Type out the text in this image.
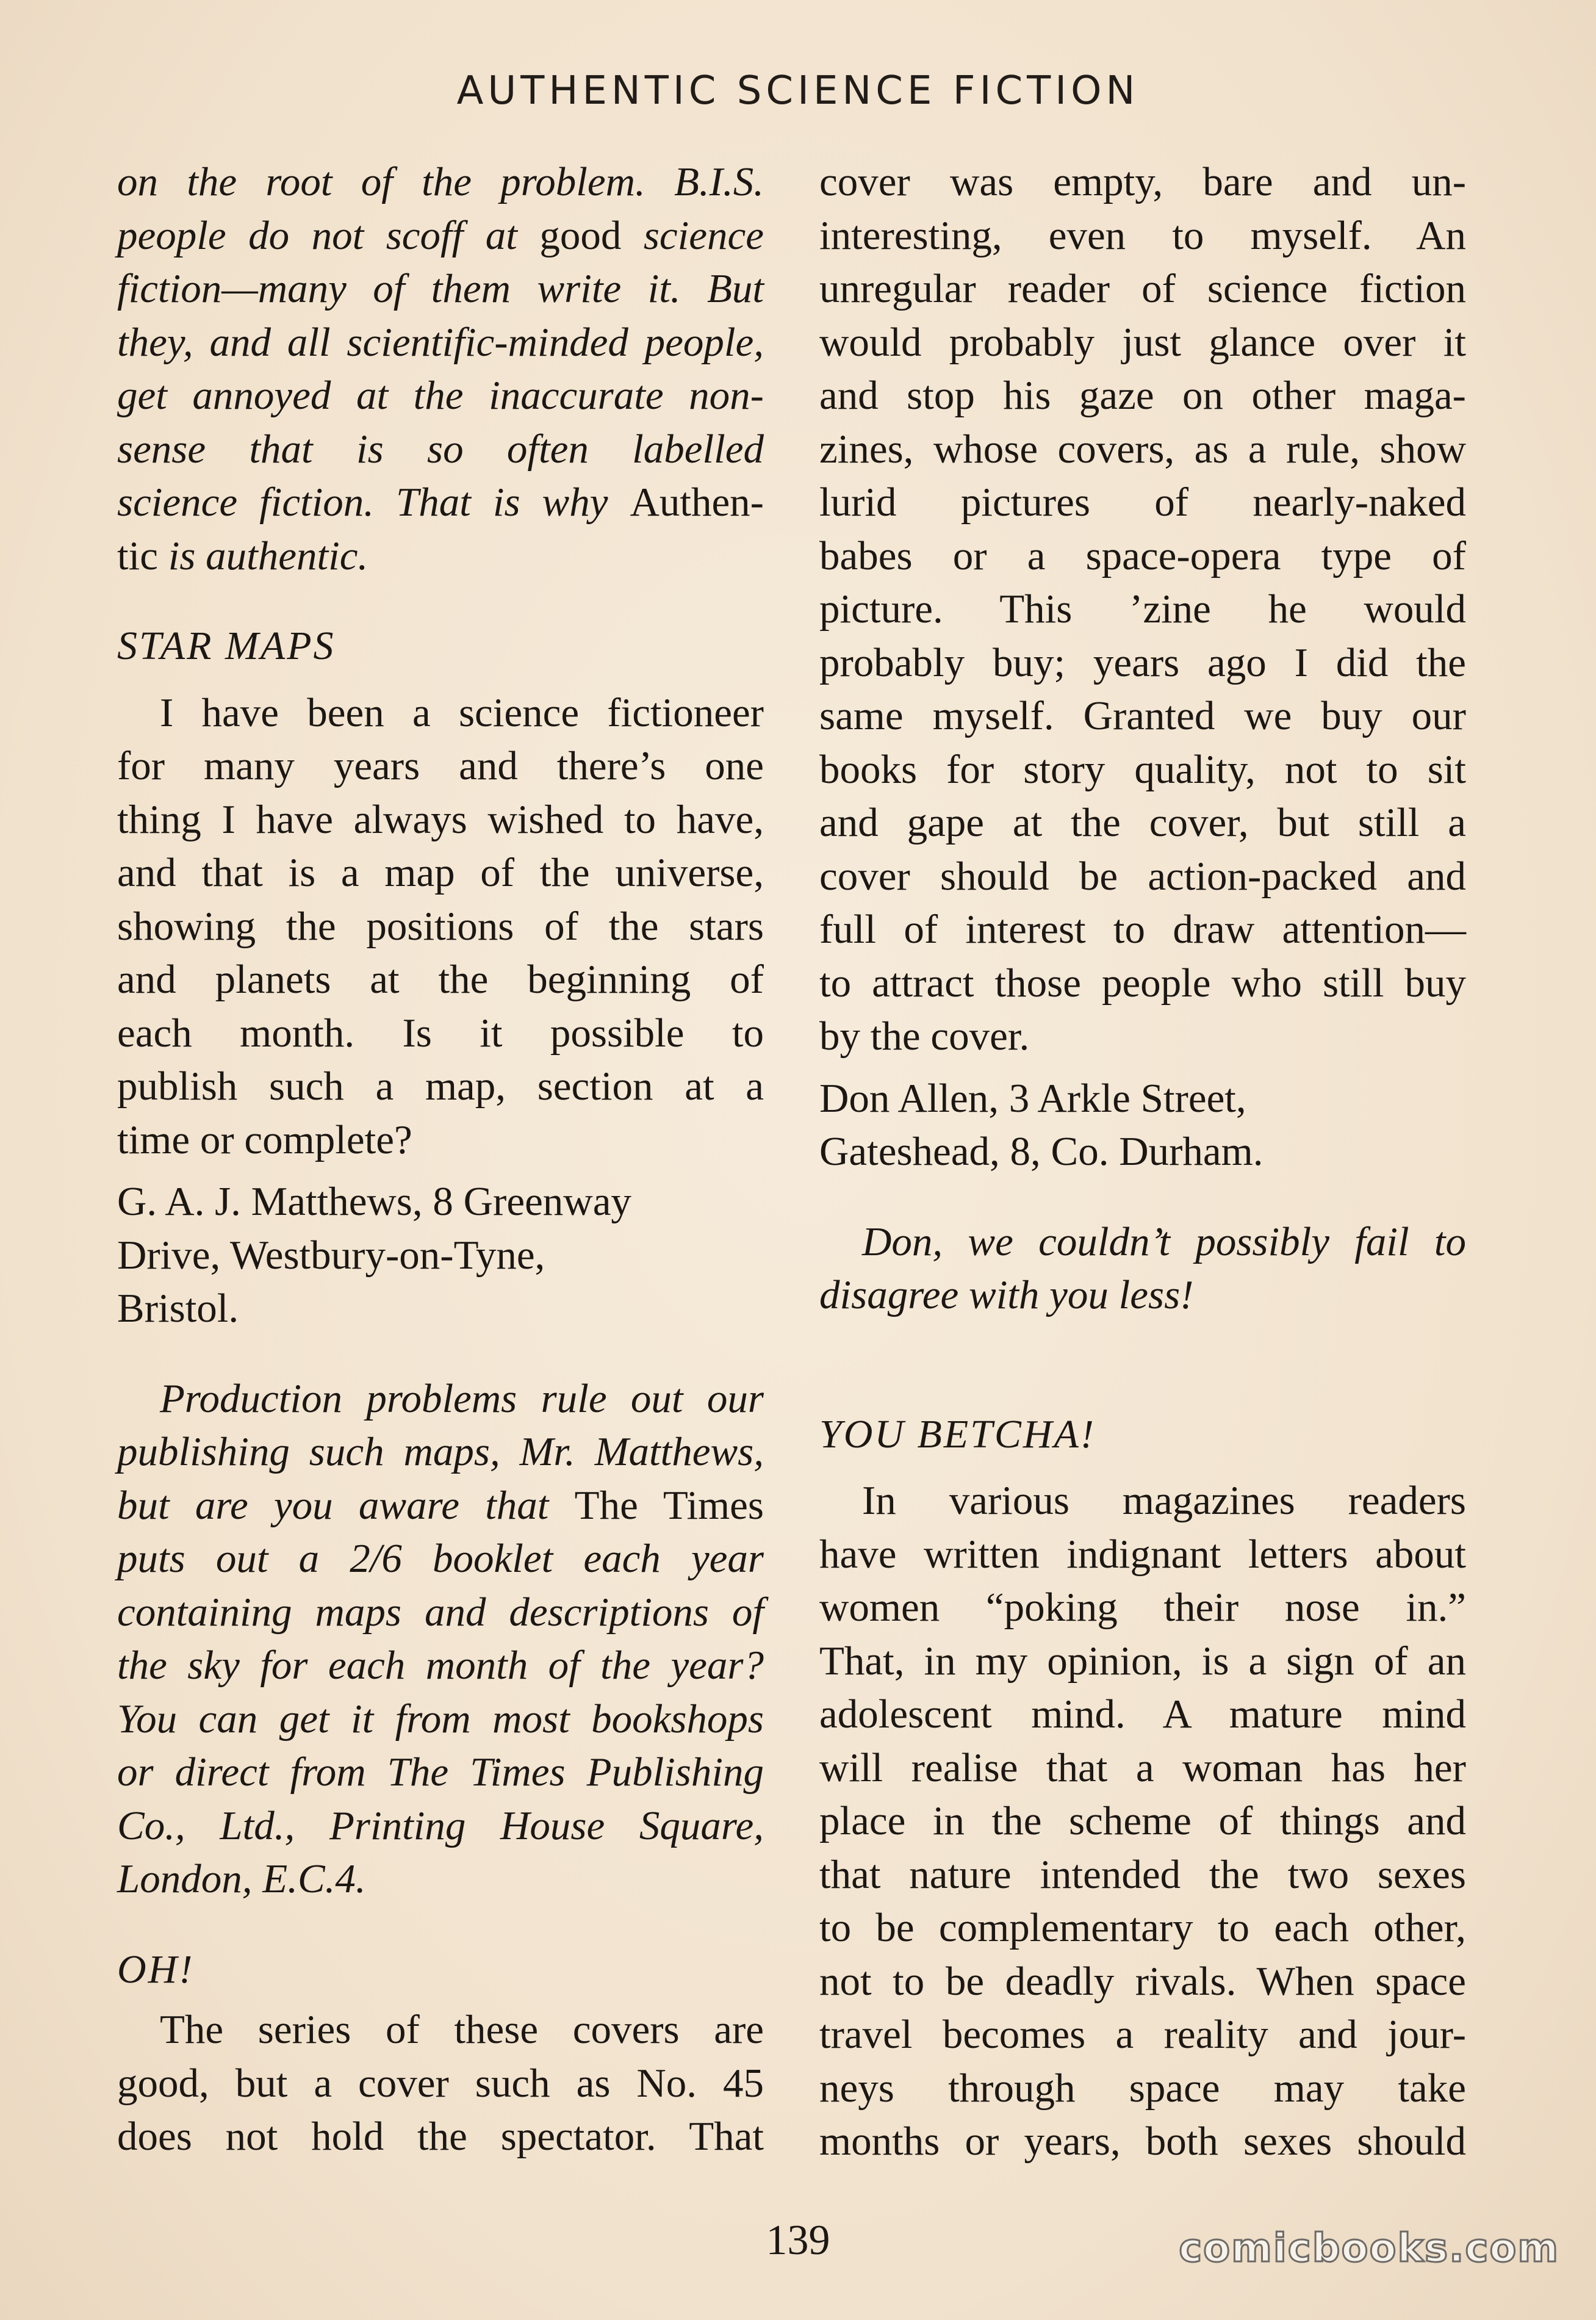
AUTHENTIC SCIENCE FICTION

on the root of the problem. B.I.S.

people do not scoff at good science

fiction—many of them write it. But

they, and all scientific-minded people,

get annoyed at the inaccurate non-

sense that is so often labelled

science fiction. That is why Authen-

tic is authentic.

STAR MAPS

I have been a science fictioneer

for many years and there’s one

thing I have always wished to have,

and that is a map of the universe,

showing the positions of the stars

and planets at the beginning of

each month. Is it possible to

publish such a map, section at a

time or complete?

G. A. J. Matthews, 8 Greenway

Drive, Westbury-on-Tyne,

Bristol.

Production problems rule out our

publishing such maps, Mr. Matthews,

but are you aware that The Times

puts out a 2/6 booklet each year

containing maps and descriptions of

the sky for each month of the year?

You can get it from most bookshops

or direct from The Times Publishing

Co., Ltd., Printing House Square,

London, E.C.4.

OH!

The series of these covers are

good, but a cover such as No. 45

does not hold the spectator. That

cover was empty, bare and un-

interesting, even to myself. An

unregular reader of science fiction

would probably just glance over it

and stop his gaze on other maga-

zines, whose covers, as a rule, show

lurid pictures of nearly-naked

babes or a space-opera type of

picture. This ’zine he would

probably buy; years ago I did the

same myself. Granted we buy our

books for story quality, not to sit

and gape at the cover, but still a

cover should be action-packed and

full of interest to draw attention—

to attract those people who still buy

by the cover.

Don Allen, 3 Arkle Street,

Gateshead, 8, Co. Durham.

Don, we couldn’t possibly fail to

disagree with you less!

YOU BETCHA!

In various magazines readers

have written indignant letters about

women “poking their nose in.”

That, in my opinion, is a sign of an

adolescent mind. A mature mind

will realise that a woman has her

place in the scheme of things and

that nature intended the two sexes

to be complementary to each other,

not to be deadly rivals. When space

travel becomes a reality and jour-

neys through space may take

months or years, both sexes should

139	comicbooks.com
